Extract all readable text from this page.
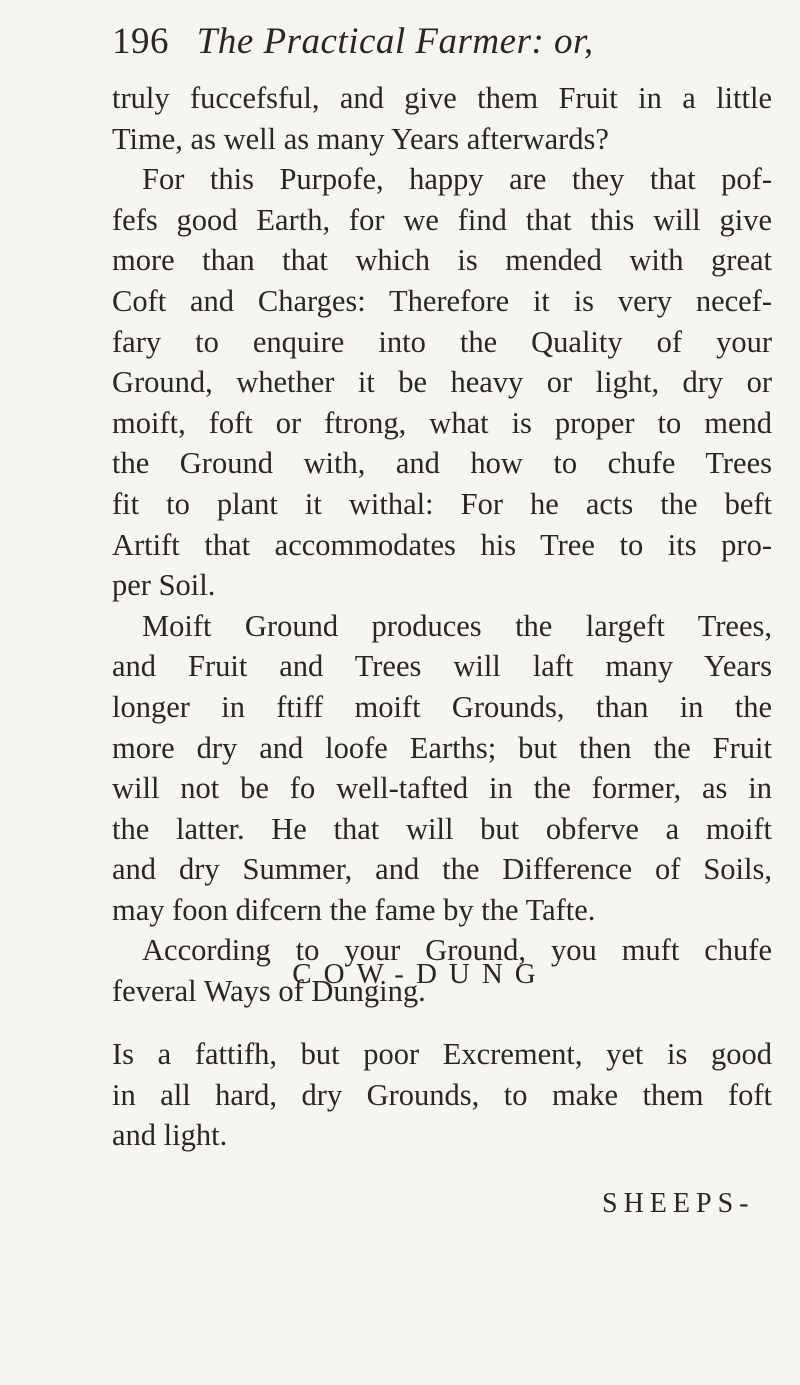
196 The Practical Farmer: or,
truly fuccefsful, and give them Fruit in a little
Time, as well as many Years afterwards?
For this Purpofe, happy are they that pof-
fefs good Earth, for we find that this will give
more than that which is mended with great
Coft and Charges: Therefore it is very necef-
fary to enquire into the Quality of your
Ground, whether it be heavy or light, dry or
moift, foft or ftrong, what is proper to mend
the Ground with, and how to chufe Trees
fit to plant it withal: For he acts the beft
Artift that accommodates his Tree to its pro-
per Soil.
Moift Ground produces the largeft Trees,
and Fruit and Trees will laft many Years
longer in ftiff moift Grounds, than in the
more dry and loofe Earths; but then the Fruit
will not be fo well-tafted in the former, as in
the latter. He that will but obferve a moift
and dry Summer, and the Difference of Soils,
may foon difcern the fame by the Tafte.
According to your Ground, you muft chufe
feveral Ways of Dunging.
COW-DUNG
Is a fattifh, but poor Excrement, yet is good
in all hard, dry Grounds, to make them foft
and light.
SHEEPS-
